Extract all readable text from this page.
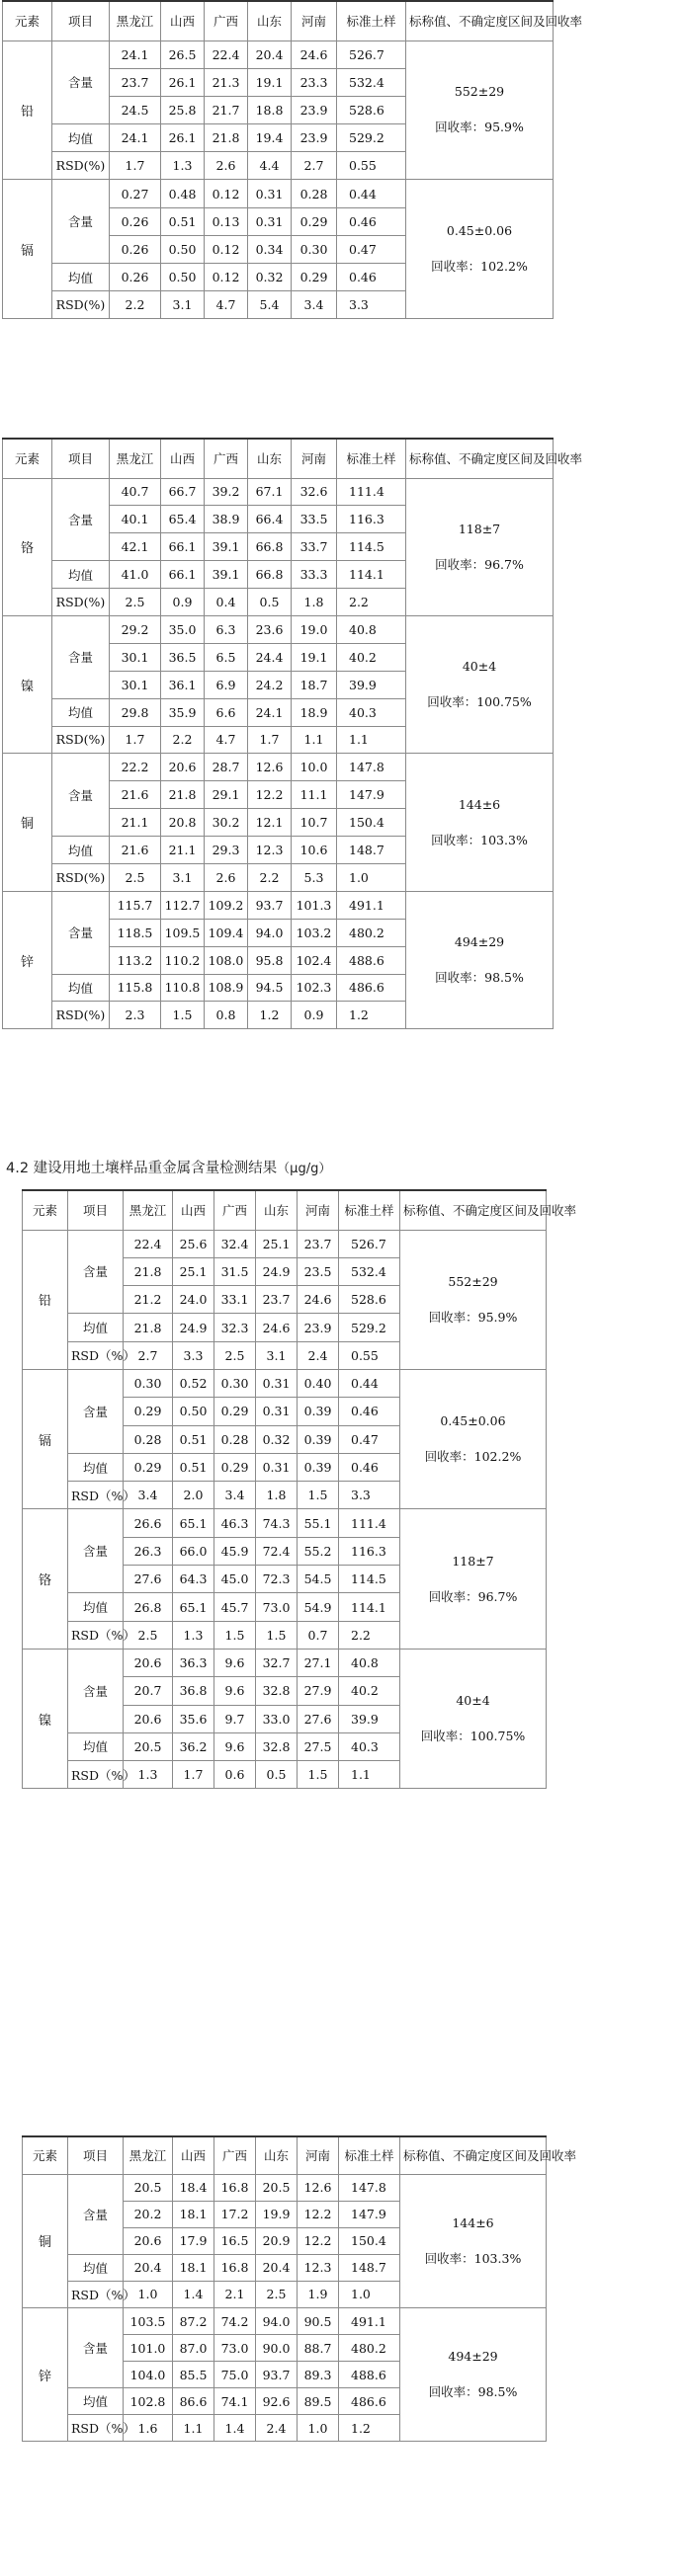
元素	项目	黑龙江	山西	广西	山东	河南	标准土样	标称值、不确定度区间及回收率
铅	含量	24.1	26.5	22.4	20.4	24.6	526.7	552±29
回收率：95.9%

		23.7	26.1	21.3	19.1	23.3	532.4	
		24.5	25.8	21.7	18.8	23.9	528.6	
	均值	24.1	26.1	21.8	19.4	23.9	529.2	
	RSD(%)	1.7	1.3	2.6	4.4	2.7	0.55	
镉	含量	0.27	0.48	0.12	0.31	0.28	0.44	0.45±0.06
回收率：102.2%

		0.26	0.51	0.13	0.31	0.29	0.46	
		0.26	0.50	0.12	0.34	0.30	0.47	
	均值	0.26	0.50	0.12	0.32	0.29	0.46	
	RSD(%)	2.2	3.1	4.7	5.4	3.4	3.3	
元素	项目	黑龙江	山西	广西	山东	河南	标准土样	标称值、不确定度区间及回收率
铬	含量	40.7	66.7	39.2	67.1	32.6	111.4	118±7
回收率：96.7%

		40.1	65.4	38.9	66.4	33.5	116.3	
		42.1	66.1	39.1	66.8	33.7	114.5	
	均值	41.0	66.1	39.1	66.8	33.3	114.1	
	RSD(%)	2.5	0.9	0.4	0.5	1.8	2.2	
镍	含量	29.2	35.0	6.3	23.6	19.0	40.8	40±4
回收率：100.75%

		30.1	36.5	6.5	24.4	19.1	40.2	
		30.1	36.1	6.9	24.2	18.7	39.9	
	均值	29.8	35.9	6.6	24.1	18.9	40.3	
	RSD(%)	1.7	2.2	4.7	1.7	1.1	1.1	
铜	含量	22.2	20.6	28.7	12.6	10.0	147.8	144±6
回收率：103.3%

		21.6	21.8	29.1	12.2	11.1	147.9	
		21.1	20.8	30.2	12.1	10.7	150.4	
	均值	21.6	21.1	29.3	12.3	10.6	148.7	
	RSD(%)	2.5	3.1	2.6	2.2	5.3	1.0	
锌	含量	115.7	112.7	109.2	93.7	101.3	491.1	494±29
回收率：98.5%

		118.5	109.5	109.4	94.0	103.2	480.2	
		113.2	110.2	108.0	95.8	102.4	488.6	
	均值	115.8	110.8	108.9	94.5	102.3	486.6	
	RSD(%)	2.3	1.5	0.8	1.2	0.9	1.2	
4.2 建设用地土壤样品重金属含量检测结果（μg/g）
元素	项目	黑龙江	山西	广西	山东	河南	标准土样	标称值、不确定度区间及回收率
铅	含量	22.4	25.6	32.4	25.1	23.7	526.7	552±29
回收率：95.9%

		21.8	25.1	31.5	24.9	23.5	532.4	
		21.2	24.0	33.1	23.7	24.6	528.6	
	均值	21.8	24.9	32.3	24.6	23.9	529.2	
	RSD（%）	2.7	3.3	2.5	3.1	2.4	0.55	
镉	含量	0.30	0.52	0.30	0.31	0.40	0.44	0.45±0.06
回收率：102.2%

		0.29	0.50	0.29	0.31	0.39	0.46	
		0.28	0.51	0.28	0.32	0.39	0.47	
	均值	0.29	0.51	0.29	0.31	0.39	0.46	
	RSD（%）	3.4	2.0	3.4	1.8	1.5	3.3	
铬	含量	26.6	65.1	46.3	74.3	55.1	111.4	118±7
回收率：96.7%

		26.3	66.0	45.9	72.4	55.2	116.3	
		27.6	64.3	45.0	72.3	54.5	114.5	
	均值	26.8	65.1	45.7	73.0	54.9	114.1	
	RSD（%）	2.5	1.3	1.5	1.5	0.7	2.2	
镍	含量	20.6	36.3	9.6	32.7	27.1	40.8	40±4
回收率：100.75%

		20.7	36.8	9.6	32.8	27.9	40.2	
		20.6	35.6	9.7	33.0	27.6	39.9	
	均值	20.5	36.2	9.6	32.8	27.5	40.3	
	RSD（%）	1.3	1.7	0.6	0.5	1.5	1.1	
元素	项目	黑龙江	山西	广西	山东	河南	标准土样	标称值、不确定度区间及回收率
铜	含量	20.5	18.4	16.8	20.5	12.6	147.8	144±6
回收率：103.3%

		20.2	18.1	17.2	19.9	12.2	147.9	
		20.6	17.9	16.5	20.9	12.2	150.4	
	均值	20.4	18.1	16.8	20.4	12.3	148.7	
	RSD（%）	1.0	1.4	2.1	2.5	1.9	1.0	
锌	含量	103.5	87.2	74.2	94.0	90.5	491.1	494±29
回收率：98.5%

		101.0	87.0	73.0	90.0	88.7	480.2	
		104.0	85.5	75.0	93.7	89.3	488.6	
	均值	102.8	86.6	74.1	92.6	89.5	486.6	
	RSD（%）	1.6	1.1	1.4	2.4	1.0	1.2	
